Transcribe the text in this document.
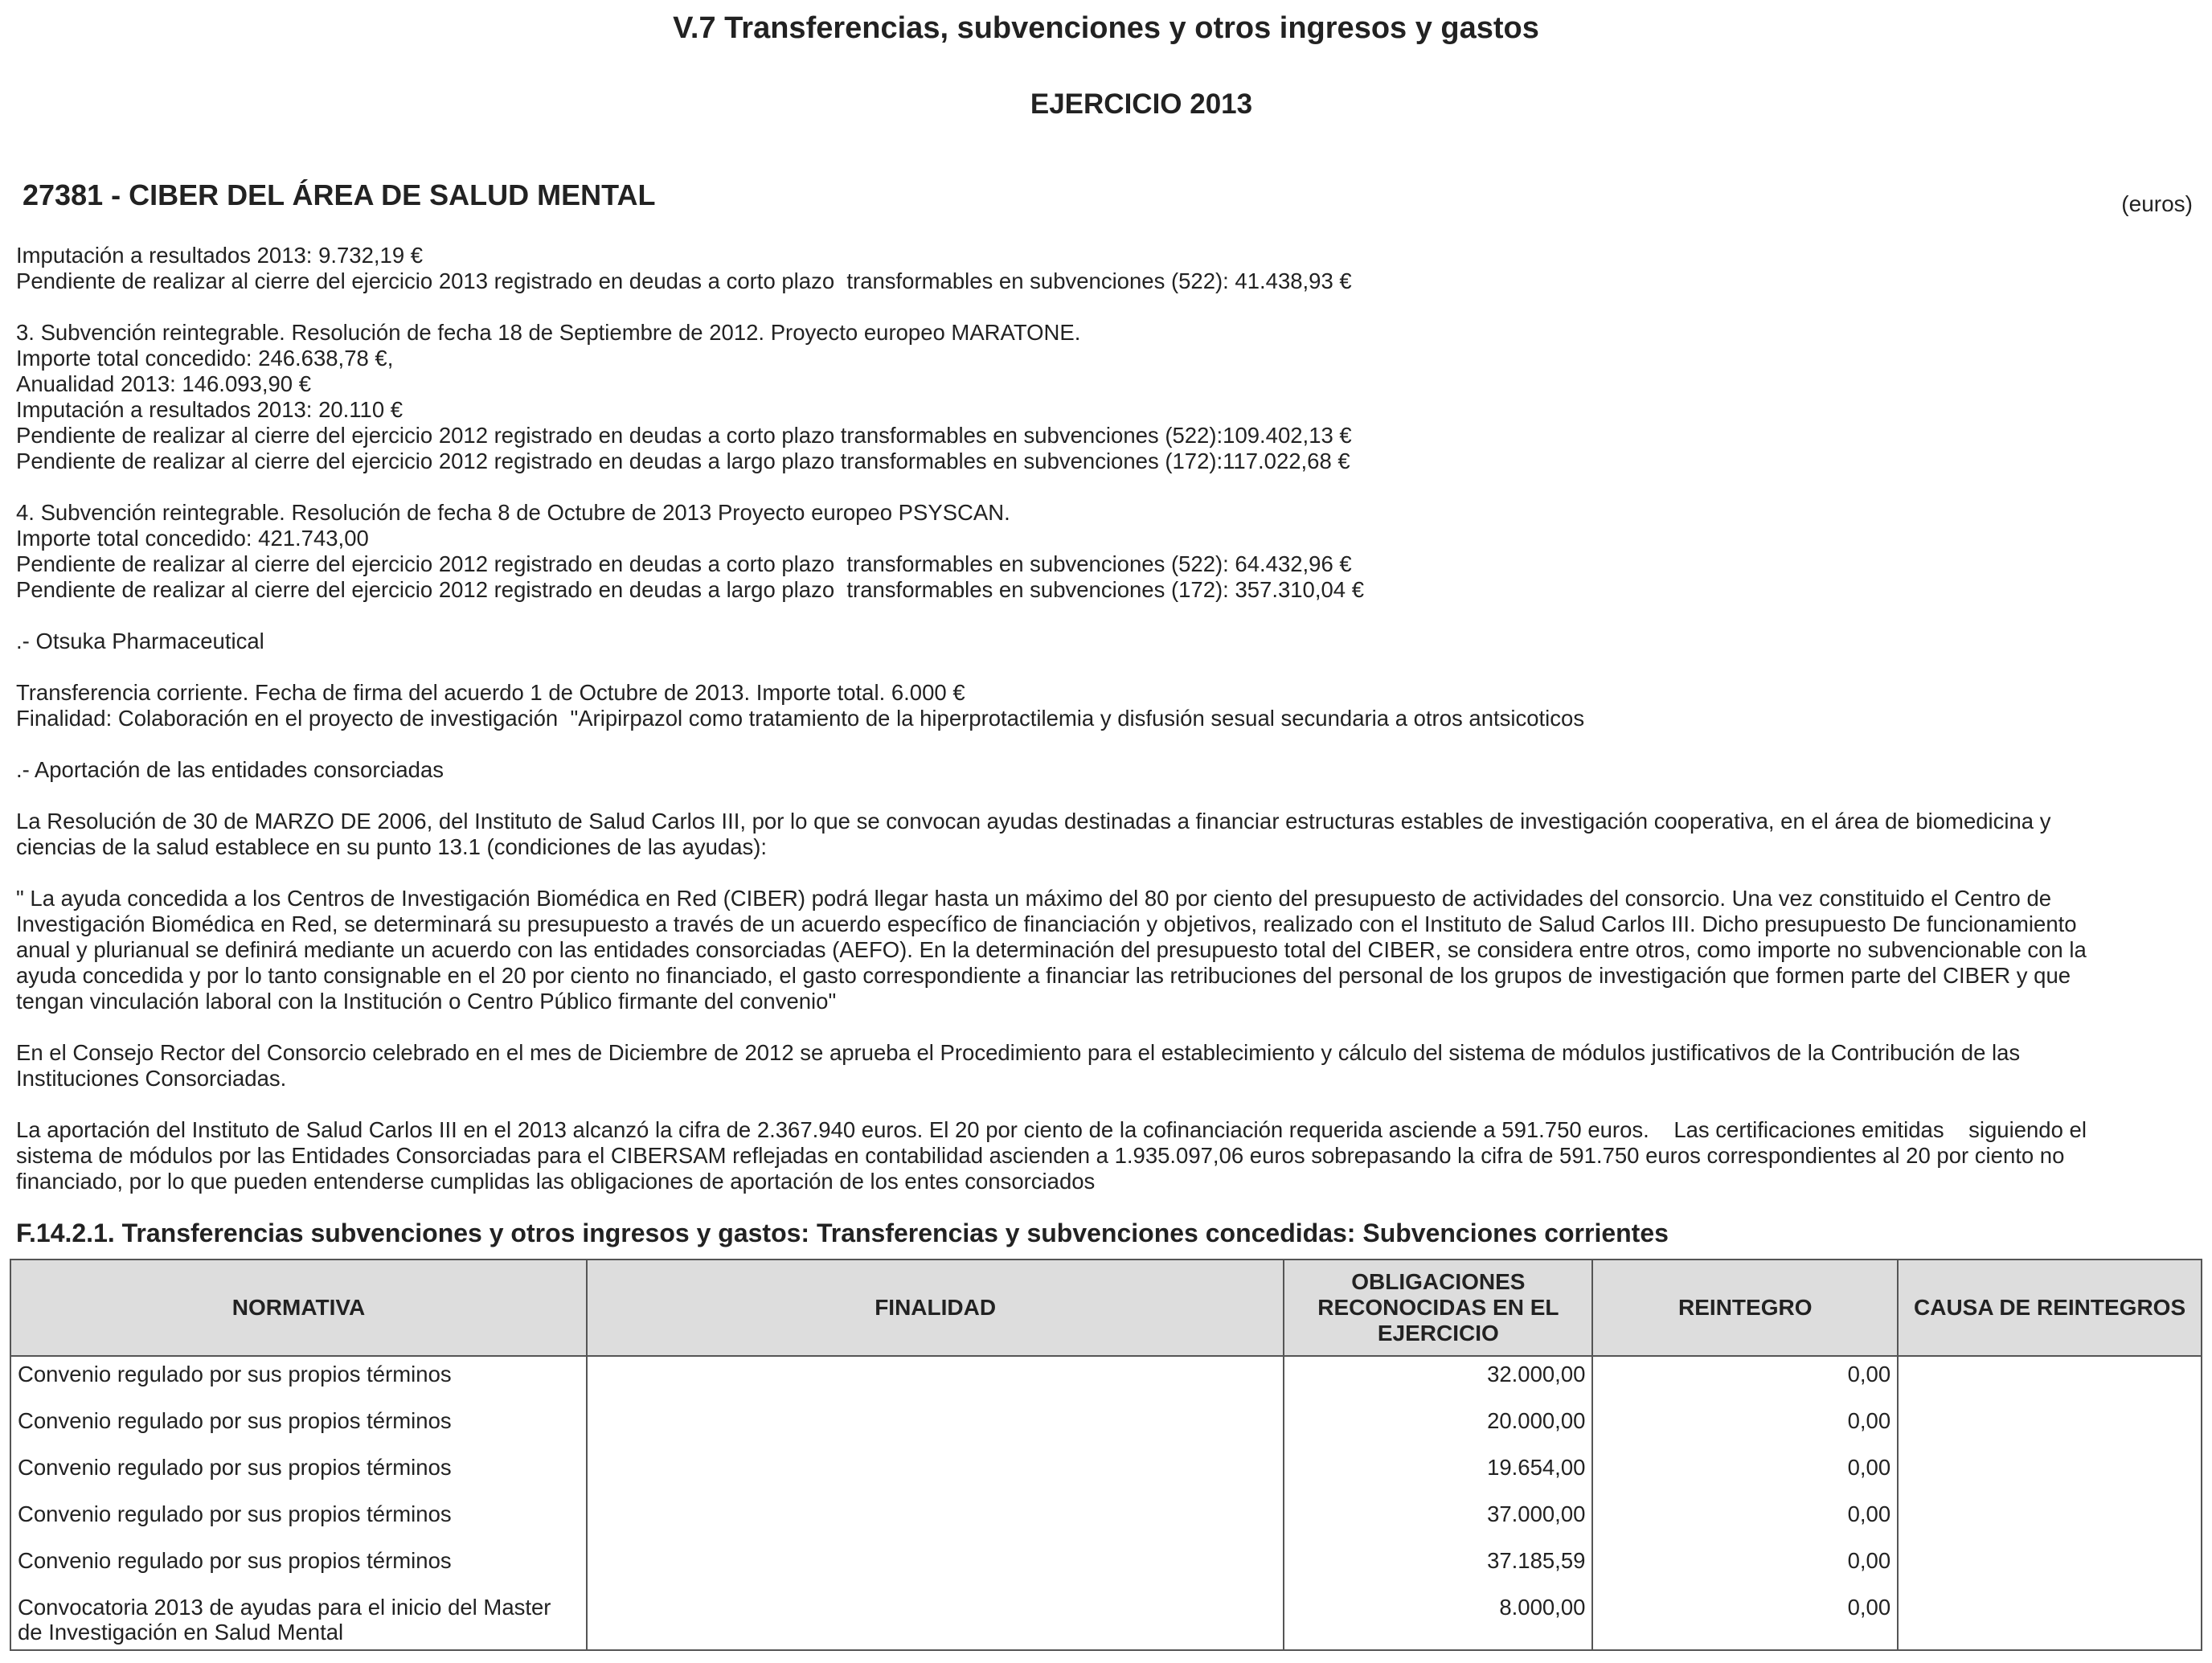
V.7 Transferencias, subvenciones y otros ingresos y gastos
EJERCICIO 2013
27381 - CIBER DEL ÁREA DE SALUD MENTAL	(euros)
Imputación a resultados 2013: 9.732,19 €
Pendiente de realizar al cierre del ejercicio 2013 registrado en deudas a corto plazo  transformables en subvenciones (522): 41.438,93 €
3. Subvención reintegrable. Resolución de fecha 18 de Septiembre de 2012. Proyecto europeo MARATONE.
Importe total concedido: 246.638,78 €,
Anualidad 2013: 146.093,90 €
Imputación a resultados 2013: 20.110 €
Pendiente de realizar al cierre del ejercicio 2012 registrado en deudas a corto plazo transformables en subvenciones (522):109.402,13 €
Pendiente de realizar al cierre del ejercicio 2012 registrado en deudas a largo plazo transformables en subvenciones (172):117.022,68 €
4. Subvención reintegrable. Resolución de fecha 8 de Octubre de 2013 Proyecto europeo PSYSCAN.
Importe total concedido: 421.743,00
Pendiente de realizar al cierre del ejercicio 2012 registrado en deudas a corto plazo  transformables en subvenciones (522): 64.432,96 €
Pendiente de realizar al cierre del ejercicio 2012 registrado en deudas a largo plazo  transformables en subvenciones (172): 357.310,04 €
.- Otsuka Pharmaceutical
Transferencia corriente. Fecha de firma del acuerdo 1 de Octubre de 2013. Importe total. 6.000 €
Finalidad: Colaboración en el proyecto de investigación  "Aripirpazol como tratamiento de la hiperprotactilemia y disfusión sesual secundaria a otros antsicoticos
.- Aportación de las entidades consorciadas
La Resolución de 30 de MARZO DE 2006, del Instituto de Salud Carlos III, por lo que se convocan ayudas destinadas a financiar estructuras estables de investigación cooperativa, en el área de biomedicina y
ciencias de la salud establece en su punto 13.1 (condiciones de las ayudas):
" La ayuda concedida a los Centros de Investigación Biomédica en Red (CIBER) podrá llegar hasta un máximo del 80 por ciento del presupuesto de actividades del consorcio. Una vez constituido el Centro de
Investigación Biomédica en Red, se determinará su presupuesto a través de un acuerdo específico de financiación y objetivos, realizado con el Instituto de Salud Carlos III. Dicho presupuesto De funcionamiento
anual y plurianual se definirá mediante un acuerdo con las entidades consorciadas (AEFO). En la determinación del presupuesto total del CIBER, se considera entre otros, como importe no subvencionable con la
ayuda concedida y por lo tanto consignable en el 20 por ciento no financiado, el gasto correspondiente a financiar las retribuciones del personal de los grupos de investigación que formen parte del CIBER y que
tengan vinculación laboral con la Institución o Centro Público firmante del convenio"
En el Consejo Rector del Consorcio celebrado en el mes de Diciembre de 2012 se aprueba el Procedimiento para el establecimiento y cálculo del sistema de módulos justificativos de la Contribución de las
Instituciones Consorciadas.
La aportación del Instituto de Salud Carlos III en el 2013 alcanzó la cifra de 2.367.940 euros. El 20 por ciento de la cofinanciación requerida asciende a 591.750 euros.    Las certificaciones emitidas    siguiendo el
sistema de módulos por las Entidades Consorciadas para el CIBERSAM reflejadas en contabilidad ascienden a 1.935.097,06 euros sobrepasando la cifra de 591.750 euros correspondientes al 20 por ciento no
financiado, por lo que pueden entenderse cumplidas las obligaciones de aportación de los entes consorciados
F.14.2.1. Transferencias subvenciones y otros ingresos y gastos: Transferencias y subvenciones concedidas: Subvenciones corrientes
NORMATIVA	FINALIDAD	OBLIGACIONES RECONOCIDAS EN EL EJERCICIO	REINTEGRO	CAUSA DE REINTEGROS
Convenio regulado por sus propios términos		32.000,00	0,00	
Convenio regulado por sus propios términos		20.000,00	0,00	
Convenio regulado por sus propios términos		19.654,00	0,00	
Convenio regulado por sus propios términos		37.000,00	0,00	
Convenio regulado por sus propios términos		37.185,59	0,00	
Convocatoria 2013 de ayudas para el inicio del Master de Investigación en Salud Mental		8.000,00	0,00	
